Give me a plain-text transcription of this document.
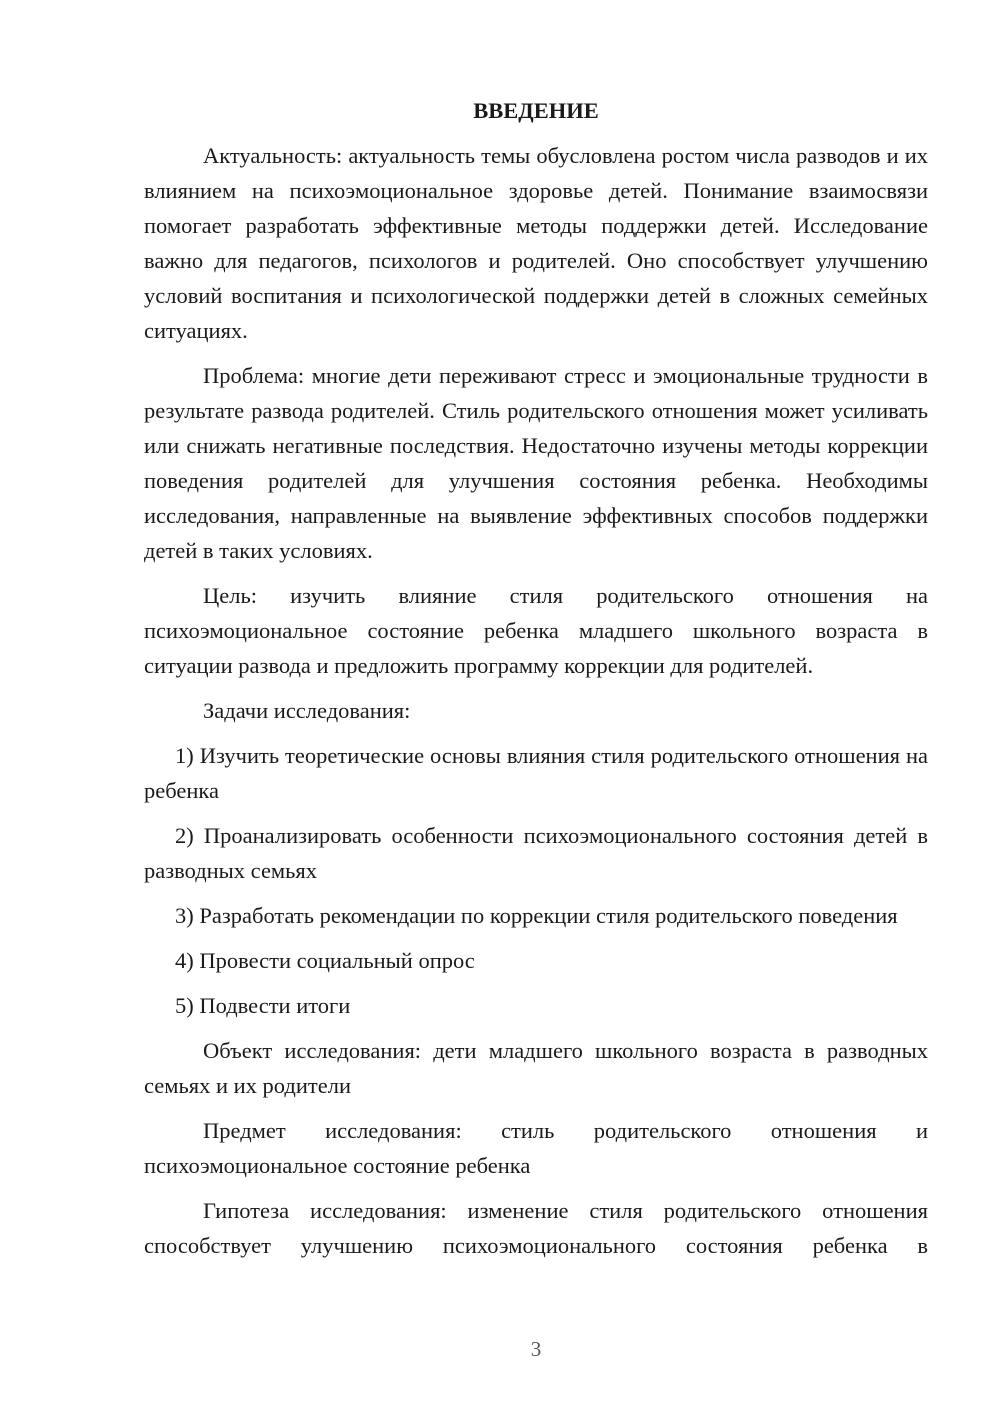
ВВЕДЕНИЕ

Актуальность: актуальность темы обусловлена ростом числа разводов и их влиянием на психоэмоциональное здоровье детей. Понимание взаимосвязи помогает разработать эффективные методы поддержки детей. Исследование важно для педагогов, психологов и родителей. Оно способствует улучшению условий воспитания и психологической поддержки детей в сложных семейных ситуациях.

Проблема: многие дети переживают стресс и эмоциональные трудности в результате развода родителей. Стиль родительского отношения может усиливать или снижать негативные последствия. Недостаточно изучены методы коррекции поведения родителей для улучшения состояния ребенка. Необходимы исследования, направленные на выявление эффективных способов поддержки детей в таких условиях.

Цель: изучить влияние стиля родительского отношения на психоэмоциональное состояние ребенка младшего школьного возраста в ситуации развода и предложить программу коррекции для родителей.

Задачи исследования:

1) Изучить теоретические основы влияния стиля родительского отношения на ребенка

2) Проанализировать особенности психоэмоционального состояния детей в разводных семьях

3) Разработать рекомендации по коррекции стиля родительского поведения

4) Провести социальный опрос

5) Подвести итоги

Объект исследования: дети младшего школьного возраста в разводных семьях и их родители

Предмет исследования: стиль родительского отношения и психоэмоциональное состояние ребенка

Гипотеза исследования: изменение стиля родительского отношения способствует улучшению психоэмоционального состояния ребенка в

3
